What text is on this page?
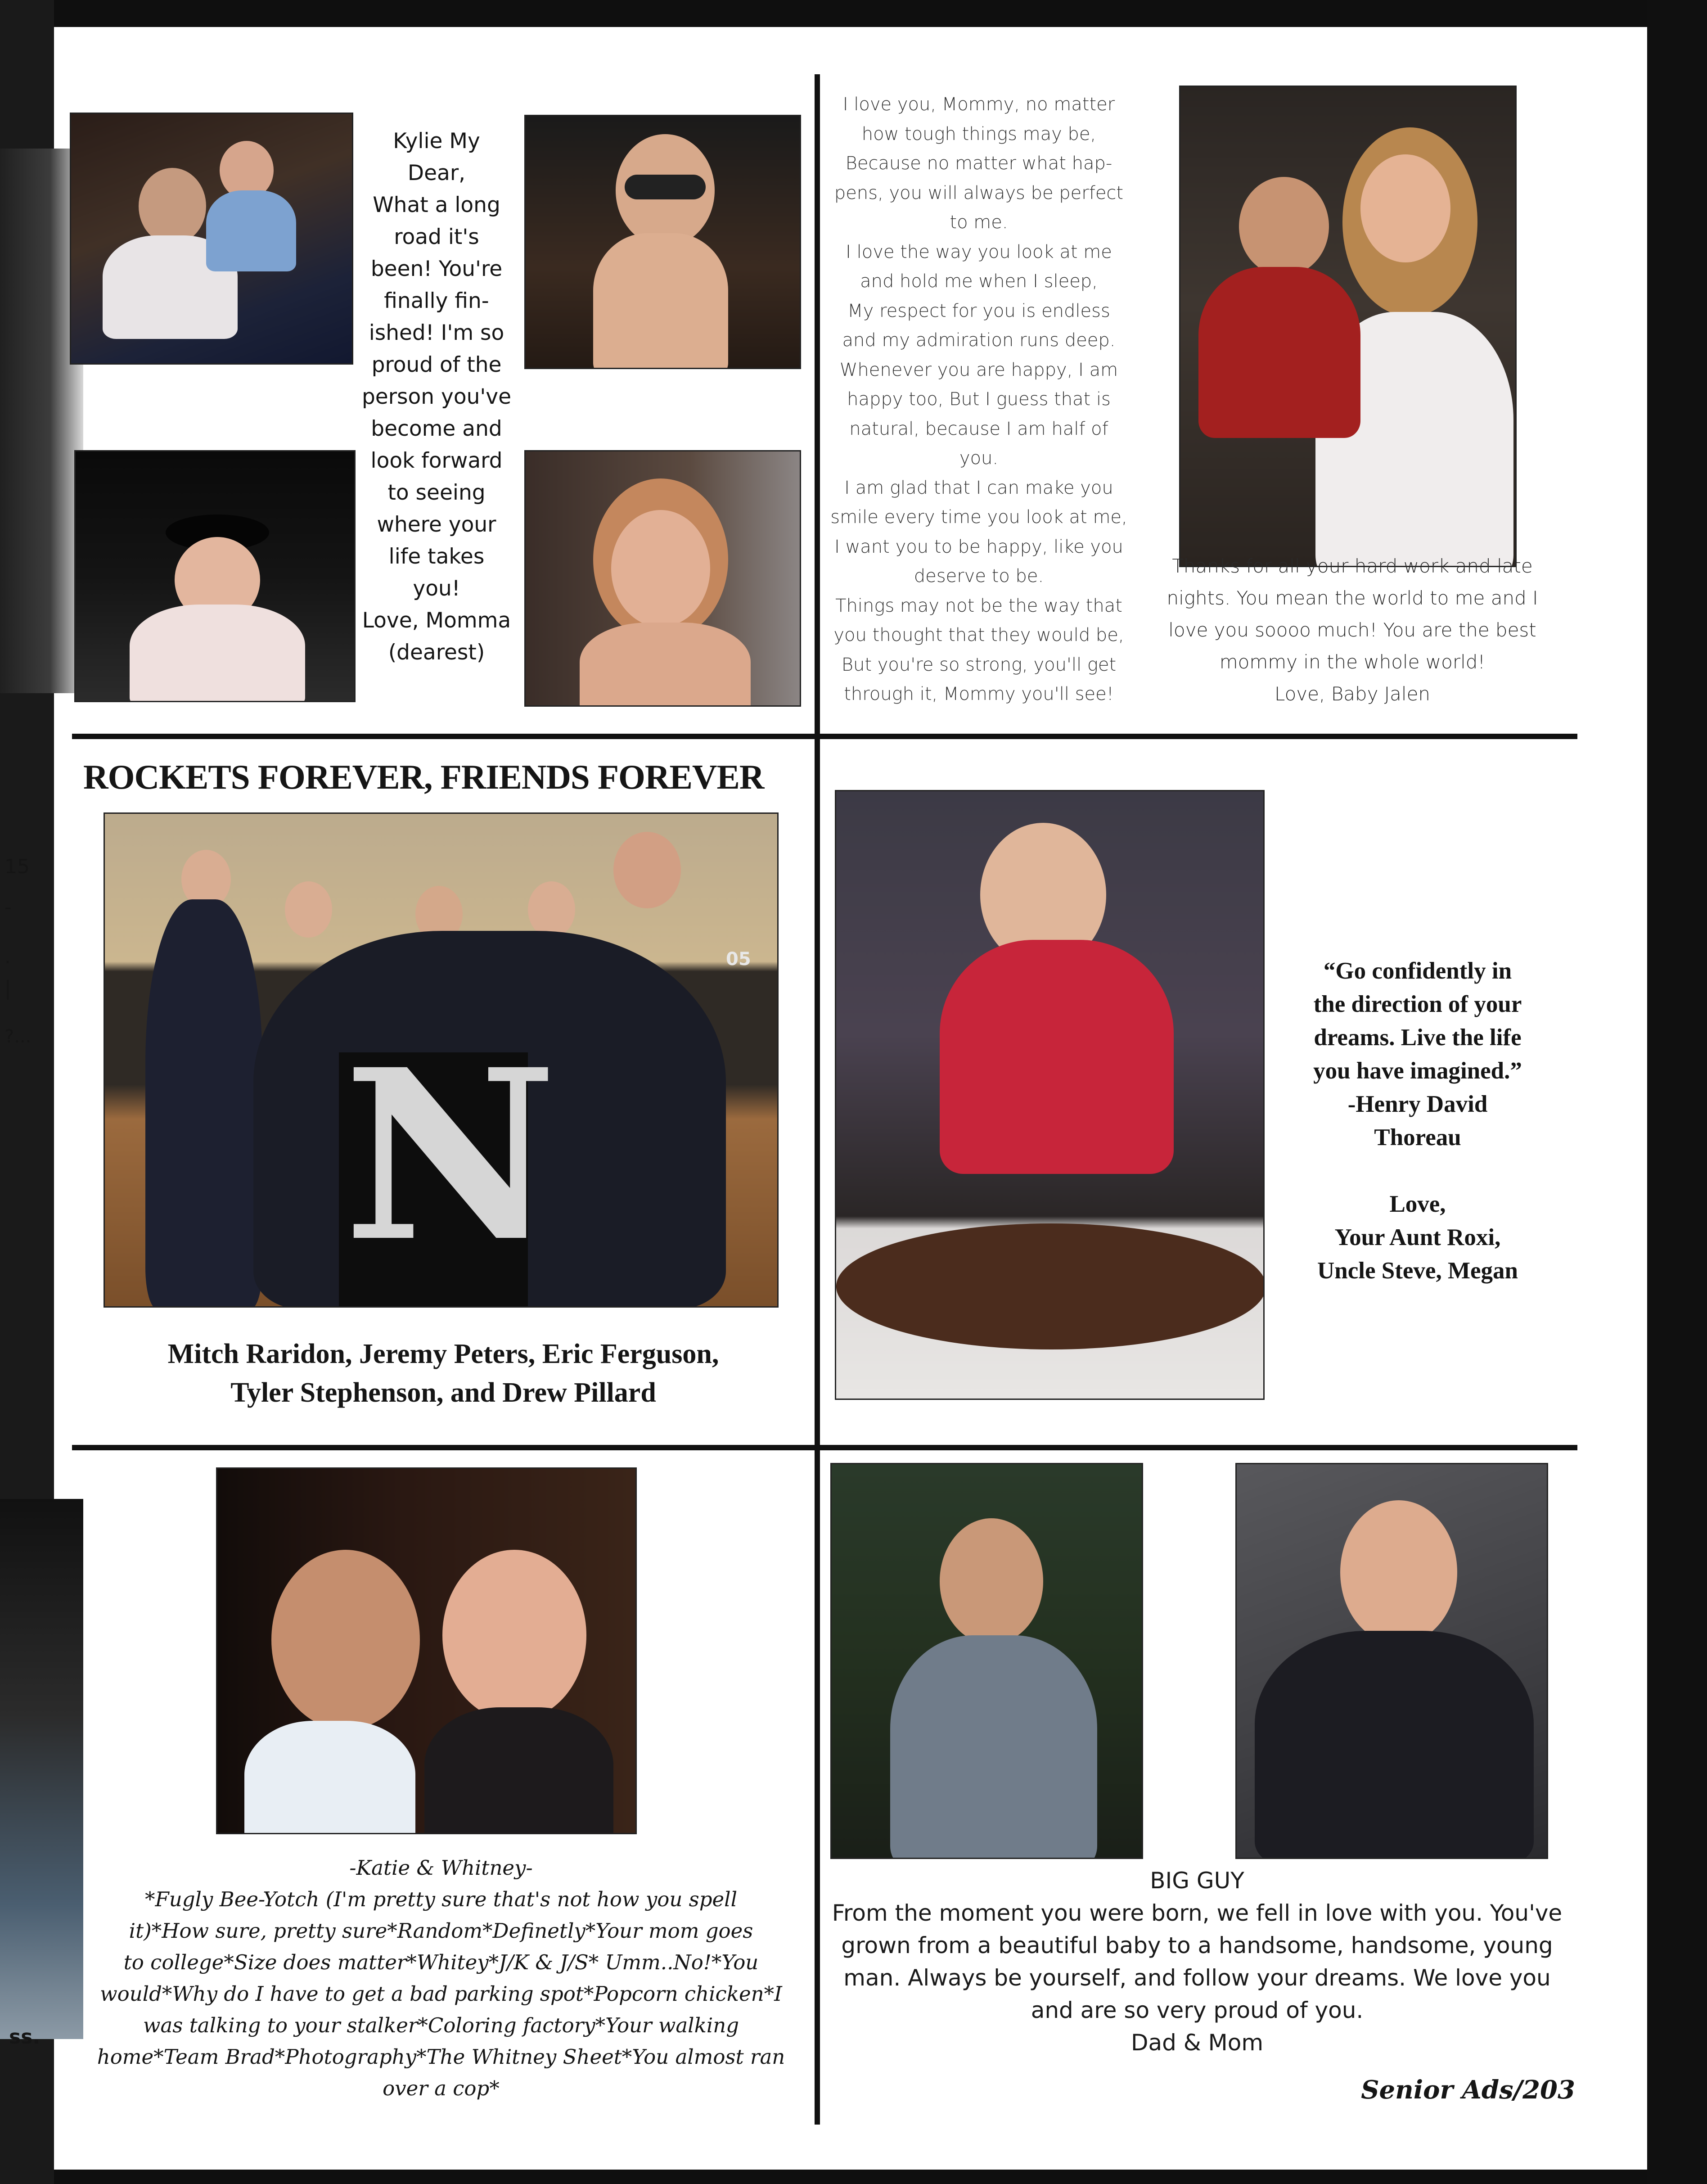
15
-
.
|
?...
ss.
Kylie My
Dear,
What a long
road it's
been! You're
finally fin-
ished! I'm so
proud of the
person you've
become and
look forward
to seeing
where your
life takes
you!
Love, Momma
(dearest)
I love you, Mommy, no matter
how tough things may be,
Because no matter what hap-
pens, you will always be perfect
to me.
I love the way you look at me
and hold me when I sleep,
My respect for you is endless
and my admiration runs deep.
Whenever you are happy, I am
happy too, But I guess that is
natural, because I am half of
you.
I am glad that I can make you
smile every time you look at me,
I want you to be happy, like you
deserve to be.
Things may not be the way that
you thought that they would be,
But you're so strong, you'll get
through it, Mommy you'll see!
Thanks for all your hard work and late
nights. You mean the world to me and I
love you soooo much! You are the best
mommy in the whole world!
Love, Baby Jalen
ROCKETS FOREVER, FRIENDS FOREVER
N
05
Mitch Raridon, Jeremy Peters, Eric Ferguson,
Tyler Stephenson, and Drew Pillard
“Go confidently in
the direction of your
dreams. Live the life
you have imagined.”
-Henry David
Thoreau
Love,
Your Aunt Roxi,
Uncle Steve, Megan
-Katie & Whitney-
*Fugly Bee-Yotch (I'm pretty sure that's not how you spell
it)*How sure, pretty sure*Random*Definetly*Your mom goes
to college*Size does matter*Whitey*J/K & J/S* Umm..No!*You
would*Why do I have to get a bad parking spot*Popcorn chicken*I
was talking to your stalker*Coloring factory*Your walking
home*Team Brad*Photography*The Whitney Sheet*You almost ran
over a cop*
BIG GUY
From the moment you were born, we fell in love with you. You've
grown from a beautiful baby to a handsome, handsome, young
man. Always be yourself, and follow your dreams. We love you
and are so very proud of you.
Dad & Mom
Senior Ads/203
